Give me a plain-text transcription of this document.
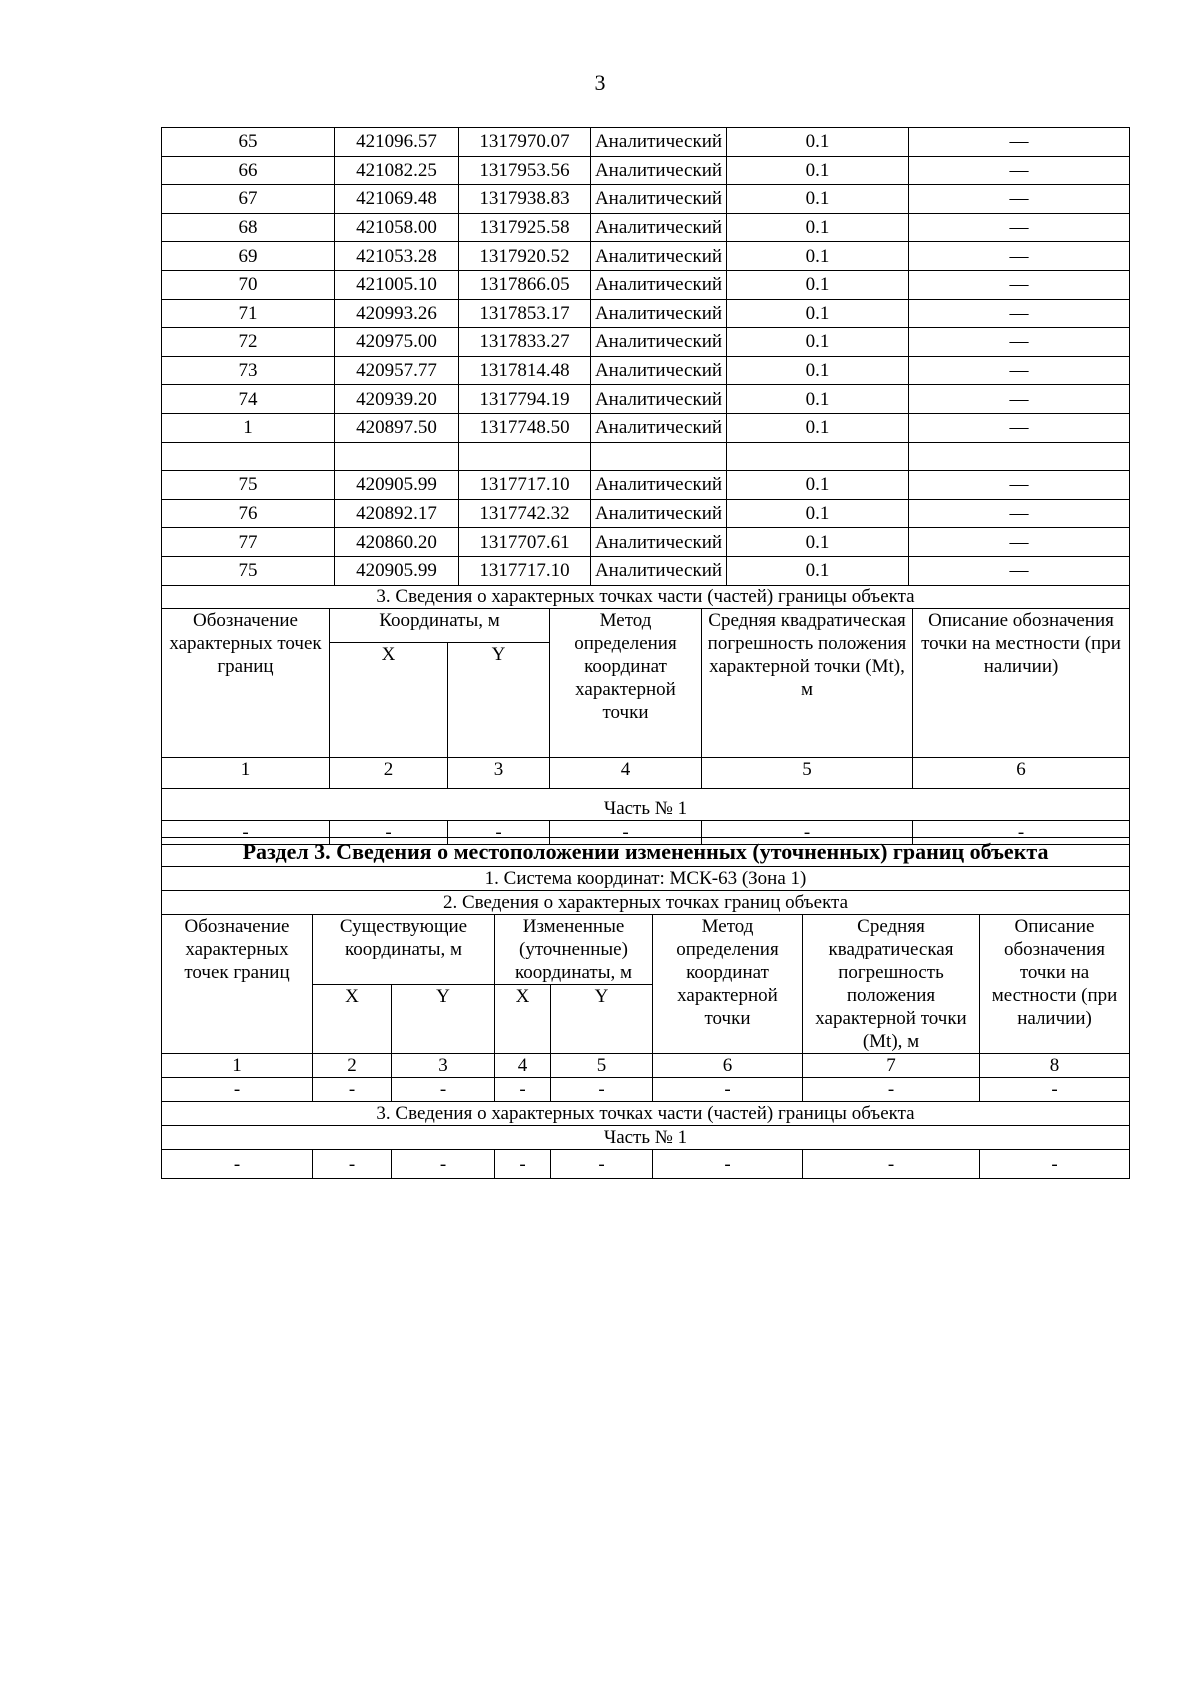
3
65	421096.57	1317970.07	Аналитический	0.1	—
66	421082.25	1317953.56	Аналитический	0.1	—
67	421069.48	1317938.83	Аналитический	0.1	—
68	421058.00	1317925.58	Аналитический	0.1	—
69	421053.28	1317920.52	Аналитический	0.1	—
70	421005.10	1317866.05	Аналитический	0.1	—
71	420993.26	1317853.17	Аналитический	0.1	—
72	420975.00	1317833.27	Аналитический	0.1	—
73	420957.77	1317814.48	Аналитический	0.1	—
74	420939.20	1317794.19	Аналитический	0.1	—
1	420897.50	1317748.50	Аналитический	0.1	—

75	420905.99	1317717.10	Аналитический	0.1	—
76	420892.17	1317742.32	Аналитический	0.1	—
77	420860.20	1317707.61	Аналитический	0.1	—
75	420905.99	1317717.10	Аналитический	0.1	—
3. Сведения о характерных точках части (частей) границы объекта					
Обозначение характерных точек границ	Координаты, м		Метод определения координат характерной точки	Средняя квадратическая погрешность положения характерной точки (Mt), м	Описание обозначения точки на местности (при наличии)
	X	Y			
1	2	3	4	5	6

Часть № 1					
-	-	-	-	-	-
Раздел 3. Сведения о местоположении измененных (уточненных) границ объекта							
1. Система координат: МСК-63 (Зона 1)							
2. Сведения о характерных точках границ объекта							
Обозначение характерных точек границ	Существующие координаты, м		Измененные (уточненные) координаты, м		Метод определения координат характерной точки	Средняя квадратическая погрешность положения характерной точки (Mt), м	Описание обозначения точки на местности (при наличии)
	X	Y	X	Y			
1	2	3	4	5	6	7	8
-	-	-	-	-	-	-	-
3. Сведения о характерных точках части (частей) границы объекта							
Часть № 1							
-	-	-	-	-	-	-	-
